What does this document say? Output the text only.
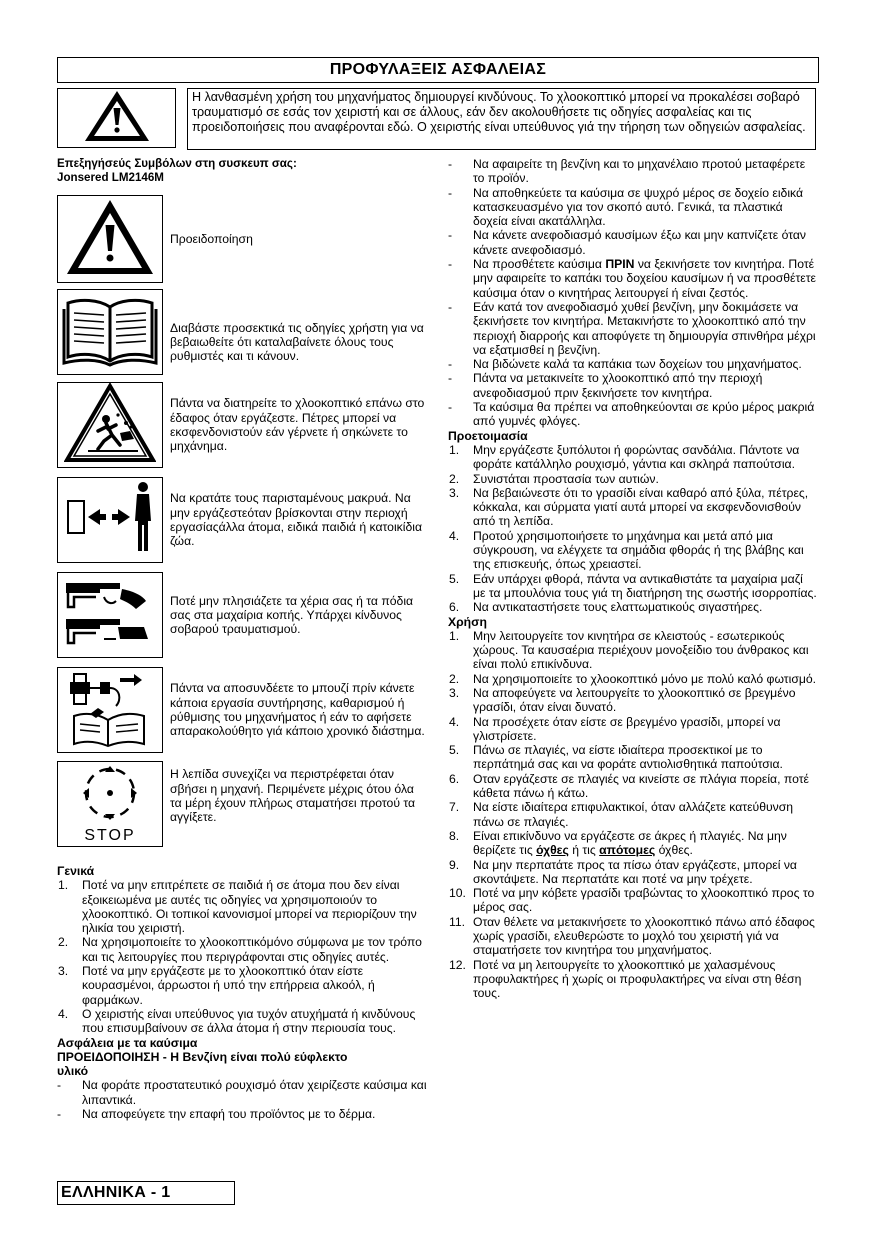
ΠΡΟΦΥΛΑΞΕΙΣ ΑΣΦΑΛΕΙΑΣ
Η λανθασμένη χρήση του μηχανήματος δημιουργεί κινδύνους. Το χλοοκοπτικό μπορεί να προκαλέσει σοβαρό τραυματισμό σε εσάς τον χειριστή και σε άλλους, εάν δεν ακολουθήσετε τις οδηγίες ασφαλείας και τις προειδοποιήσεις που αναφέρονται εδώ. Ο χειριστής είναι υπεύθυνος γιά την τήρηση των οδηγειών ασφαλείας.
Επεξηγήσεύς Συμβόλων στη συσκευπ σας:
Jonsered LM2146M
Προειδοποίηση
Διαβάστε προσεκτικά τις οδηγίες χρήστη για να βεβαιωθείτε ότι καταλαβαίνετε όλους τους ρυθμιστές και τι κάνουν.
Πάντα να διατηρείτε το χλοοκοπτικό επάνω στο έδαφος όταν εργάζεστε. Πέτρες μπορεί να εκσφενδονιστούν εάν γέρνετε ή σηκώνετε το μηχάνημα.
Να κρατάτε τους παρισταμένους μακρυά. Να μην εργάζεστεόταν βρίσκονται στην περιοχή εργασίαςάλλα άτομα, ειδικά παιδιά ή κατοικίδια ζώα.
Ποτέ μην πλησιάζετε τα χέρια σας ή τα πόδια σας στα μαχαίρια κοπής. Υπάρχει κίνδυνος σοβαρού τραυματισμού.
Πάντα να αποσυνδέετε το μπουζί πρίν κάνετε κάποια εργασία συντήρησης, καθαρισμού ή ρύθμισης του μηχανήματος ή εάν το αφήσετε απαρακολούθητο γιά κάποιο χρονικό διάστημα.
STOP
Η λεπίδα συνεχίζει να περιστρέφεται όταν σβήσει η μηχανή. Περιμένετε μέχρις ότου όλα τα μέρη έχουν πλήρως σταματήσει προτού τα αγγίξετε.
Γενικά
1.	Ποτέ να μην επιτρέπετε σε παιδιά ή σε άτομα που δεν είναι εξοικειωμένα με αυτές τις οδηγίες να χρησιμοποιούν το χλοοκοπτικό. Οι τοπικοί κανονισμοί μπορεί να περιορίζουν την ηλικία του χειριστή.
2.	Να χρησιμοποιείτε το χλοοκοπτικόμόνο σύμφωνα με τον τρόπο και τις λειτουργίες που περιγράφονται στις οδηγίες αυτές.
3.	Ποτέ να μην εργάζεστε με το χλοοκοπτικό όταν είστε κουρασμένοι, άρρωστοι ή υπό την επήρρεια αλκοόλ, ή φαρμάκων.
4.	Ο χειριστής είναι υπεύθυνος για τυχόν ατυχήματά ή κινδύνους που επισυμβαίνουν σε άλλα άτομα ή στην περιουσία τους.
Ασφάλεια με τα καύσιμα
ΠΡΟΕΙΔΟΠΟΙΗΣΗ - Η Βενζίνη είναι πολύ εύφλεκτο
υλικό
-	Να φοράτε προστατευτικό ρουχισμό όταν χειρίζεστε καύσιμα και λιπαντικά.
-	Να αποφεύγετε την επαφή του προϊόντος με το δέρμα.
-	Να αφαιρείτε τη βενζίνη και το μηχανέλαιο προτού μεταφέρετε το προϊόν.
-	Να αποθηκεύετε τα καύσιμα σε ψυχρό μέρος σε δοχείο ειδικά κατασκευασμένο για τον σκοπό αυτό. Γενικά, τα πλαστικά δοχεία είναι ακατάλληλα.
-	Να κάνετε ανεφοδιασμό καυσίμων έξω και μην καπνίζετε όταν κάνετε ανεφοδιασμό.
-	Να προσθέτετε καύσιμα ΠΡΙΝ να ξεκινήσετε τον κινητήρα. Ποτέ μην αφαιρείτε το καπάκι του δοχείου καυσίμων ή να προσθέτετε καύσιμα όταν ο κινητήρας λειτουργεί ή είναι ζεστός.
-	Εάν κατά τον ανεφοδιασμό χυθεί βενζίνη, μην δοκιμάσετε να ξεκινήσετε τον κινητήρα. Μετακινήστε το χλοοκοπτικό από την περιοχή διαρροής και αποφύγετε τη δημιουργία σπινθήρα μέχρι να εξατμισθεί η βενζίνη.
-	Να βιδώνετε καλά τα καπάκια των δοχείων του μηχανήματος.
-	Πάντα να μετακινείτε το χλοοκοπτικό από την περιοχή ανεφοδιασμού πριν ξεκινήσετε τον κινητήρα.
-	Τα καύσιμα θα πρέπει να αποθηκεύονται σε κρύο μέρος μακριά από γυμνές φλόγες.
Προετοιμασία
1.	Μην εργάζεστε ξυπόλυτοι ή φορώντας σανδάλια. Πάντοτε να φοράτε κατάλληλο ρουχισμό, γάντια και σκληρά παπούτσια.
2.	Συνιστάται προστασία των αυτιών.
3.	Να βεβαιώνεστε ότι το γρασίδι είναι καθαρό από ξύλα, πέτρες, κόκκαλα, και σύρματα γιατί αυτά μπορεί να εκσφενδονισθούν από τη λεπίδα.
4.	Προτού χρησιμοποιήσετε το μηχάνημα και μετά από μια σύγκρουση, να ελέγχετε τα σημάδια φθοράς ή της βλάβης και της επισκευής, όπως χρειαστεί.
5.	Εάν υπάρχει φθορά, πάντα να αντικαθιστάτε τα μαχαίρια μαζί με τα μπουλόνια τους γιά τη διατήρηση της σωστής ισορροπίας.
6.	Να αντικαταστήσετε τους ελαττωματικούς σιγαστήρες.
Χρήση
1.	Μην λειτουργείτε τον κινητήρα σε κλειστούς - εσωτερικούς χώρους. Τα καυσαέρια περιέχουν μονοξείδιο του άνθρακος και είναι πολύ επικίνδυνα.
2.	Να χρησιμοποιείτε το χλοοκοπτικό μόνο με πολύ καλό φωτισμό.
3.	Να αποφεύγετε να λειτουργείτε το χλοοκοπτικό σε βρεγμένο γρασίδι, όταν είναι δυνατό.
4.	Να προσέχετε όταν είστε σε βρεγμένο γρασίδι, μπορεί να γλιστρίσετε.
5.	Πάνω σε πλαγιές, να είστε ιδιαίτερα προσεκτικοί με το περπάτημά σας και να φοράτε αντιολισθητικά παπούτσια.
6.	Οταν εργάζεστε σε πλαγιές να κινείστε σε πλάγια πορεία, ποτέ κάθετα πάνω ή κάτω.
7.	Να είστε ιδιαίτερα επιφυλακτικοί, όταν αλλάζετε κατεύθυνση πάνω σε πλαγιές.
8.	Είναι επικίνδυνο να εργάζεστε σε άκρες ή πλαγιές. Να μην θερίζετε τις όχθες ή τις απότομες όχθες.
9.	Να μην περπατάτε προς τα πίσω όταν εργάζεστε, μπορεί να σκοντάψετε. Να περπατάτε και ποτέ να μην τρέχετε.
10. Ποτέ να μην κόβετε γρασίδι τραβώντας το χλοοκοπτικό προς το μέρος σας.
11. Οταν θέλετε να μετακινήσετε το χλοοκοπτικό πάνω από έδαφος χωρίς γρασίδι, ελευθερώστε το μοχλό του χειριστή γιά να σταματήσετε τον κινητήρα του μηχανήματος.
12. Ποτέ να μη λειτουργείτε το χλοοκοπτικό με χαλασμένους προφυλακτήρες ή χωρίς οι προφυλακτήρες να είναι στη θέση τους.
ΕΛΛΗΝΙΚΑ - 1
